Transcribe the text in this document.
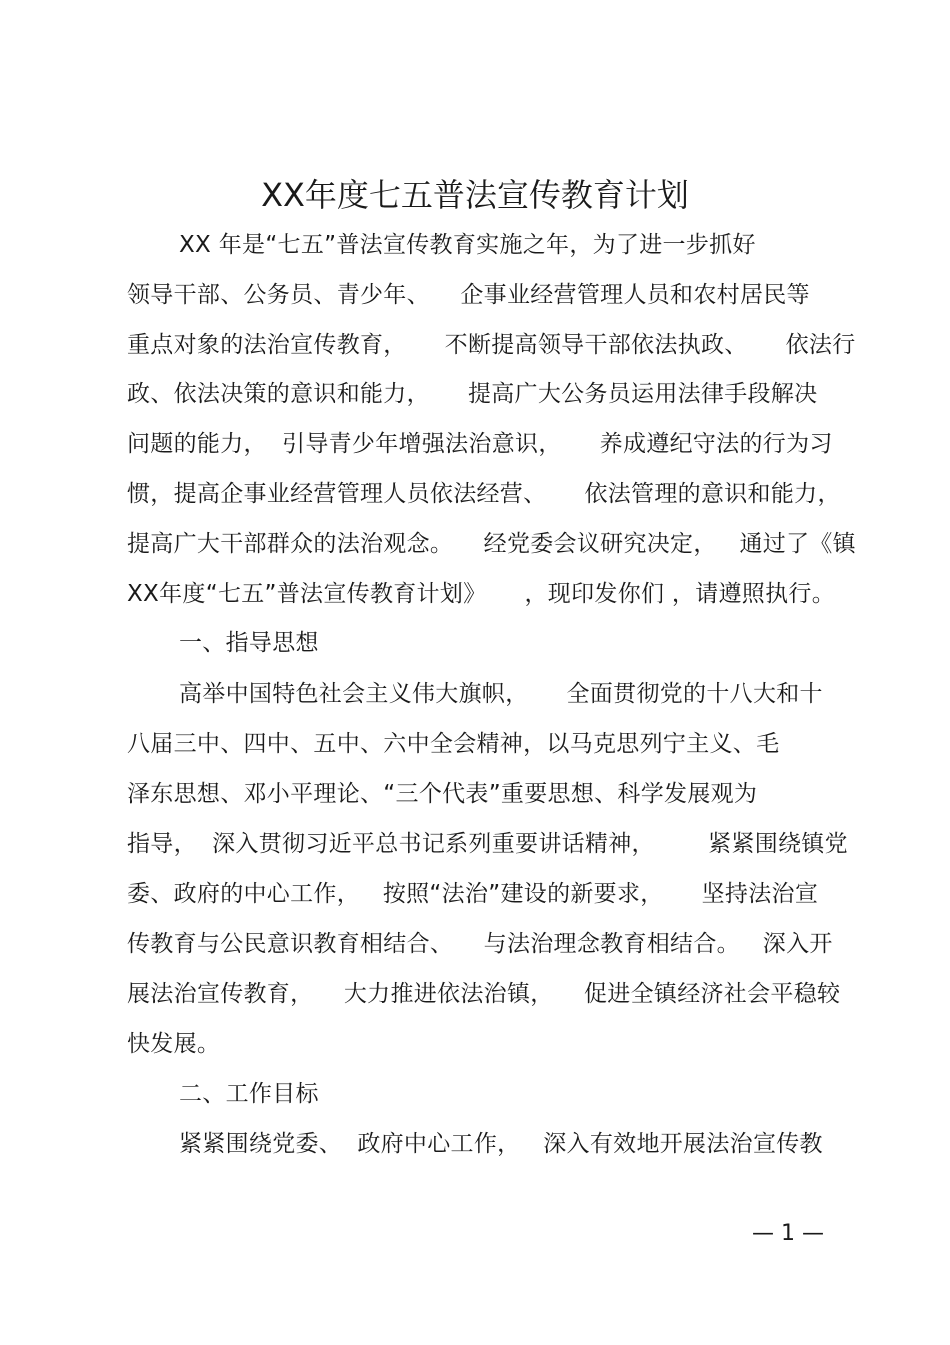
XX年度七五普法宣传教育计划
XX 年是“七五”普法宣传教育实施之年，为了进一步抓好
领导干部、公务员、青少年、    企事业经营管理人员和农村居民等
重点对象的法治宣传教育，     不断提高领导干部依法执政、     依法行
政、依法决策的意识和能力，     提高广大公务员运用法律手段解决
问题的能力，  引导青少年增强法治意识，     养成遵纪守法的行为习
惯，提高企事业经营管理人员依法经营、     依法管理的意识和能力，
提高广大干部群众的法治观念。    经党委会议研究决定，   通过了《镇
XX年度“七五”普法宣传教育计划》     ，现印发你们 ，请遵照执行。
一、指导思想
高举中国特色社会主义伟大旗帜，     全面贯彻党的十八大和十
八届三中、四中、五中、六中全会精神，以马克思列宁主义、毛
泽东思想、邓小平理论、“三个代表”重要思想、科学发展观为
指导，  深入贯彻习近平总书记系列重要讲话精神，       紧紧围绕镇党
委、政府的中心工作，   按照“法治”建设的新要求，     坚持法治宣
传教育与公民意识教育相结合、    与法治理念教育相结合。   深入开
展法治宣传教育，    大力推进依法治镇，    促进全镇经济社会平稳较
快发展。
二、工作目标
紧紧围绕党委、  政府中心工作，   深入有效地开展法治宣传教
— 1 —
